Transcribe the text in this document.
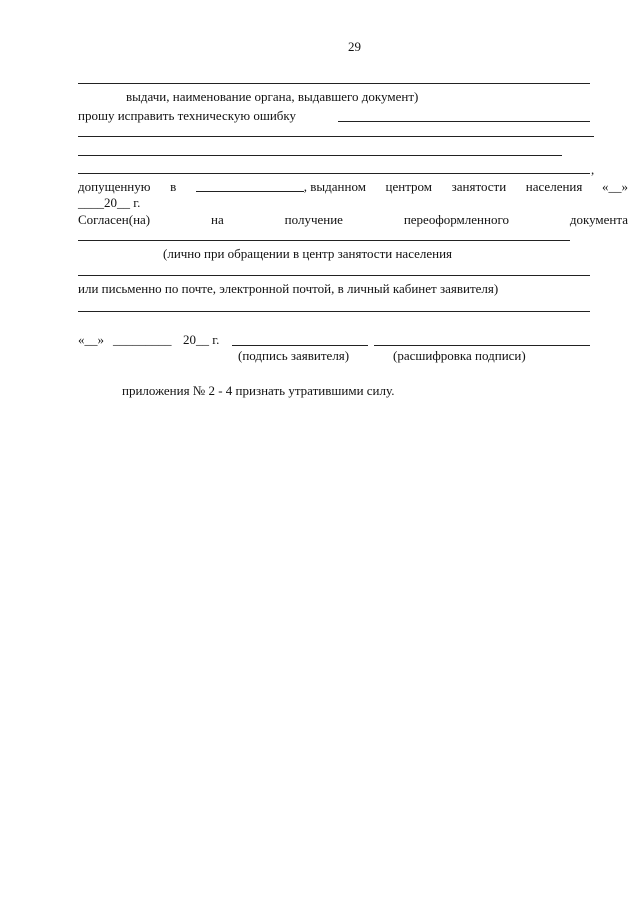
29
выдачи, наименование органа, выдавшего документ)
прошу исправить техническую ошибку
,
допущенную в	, выданном центром занятости населения «__»
____20__ г.
Согласен(на)	на	получение	переоформленного	документа
(лично при обращении в центр занятости населения
или письменно по почте, электронной почтой, в личный кабинет заявителя)
«__» _________ 20__ г.
(подпись заявителя)	(расшифровка подписи)
приложения № 2 - 4 признать утратившими силу.
